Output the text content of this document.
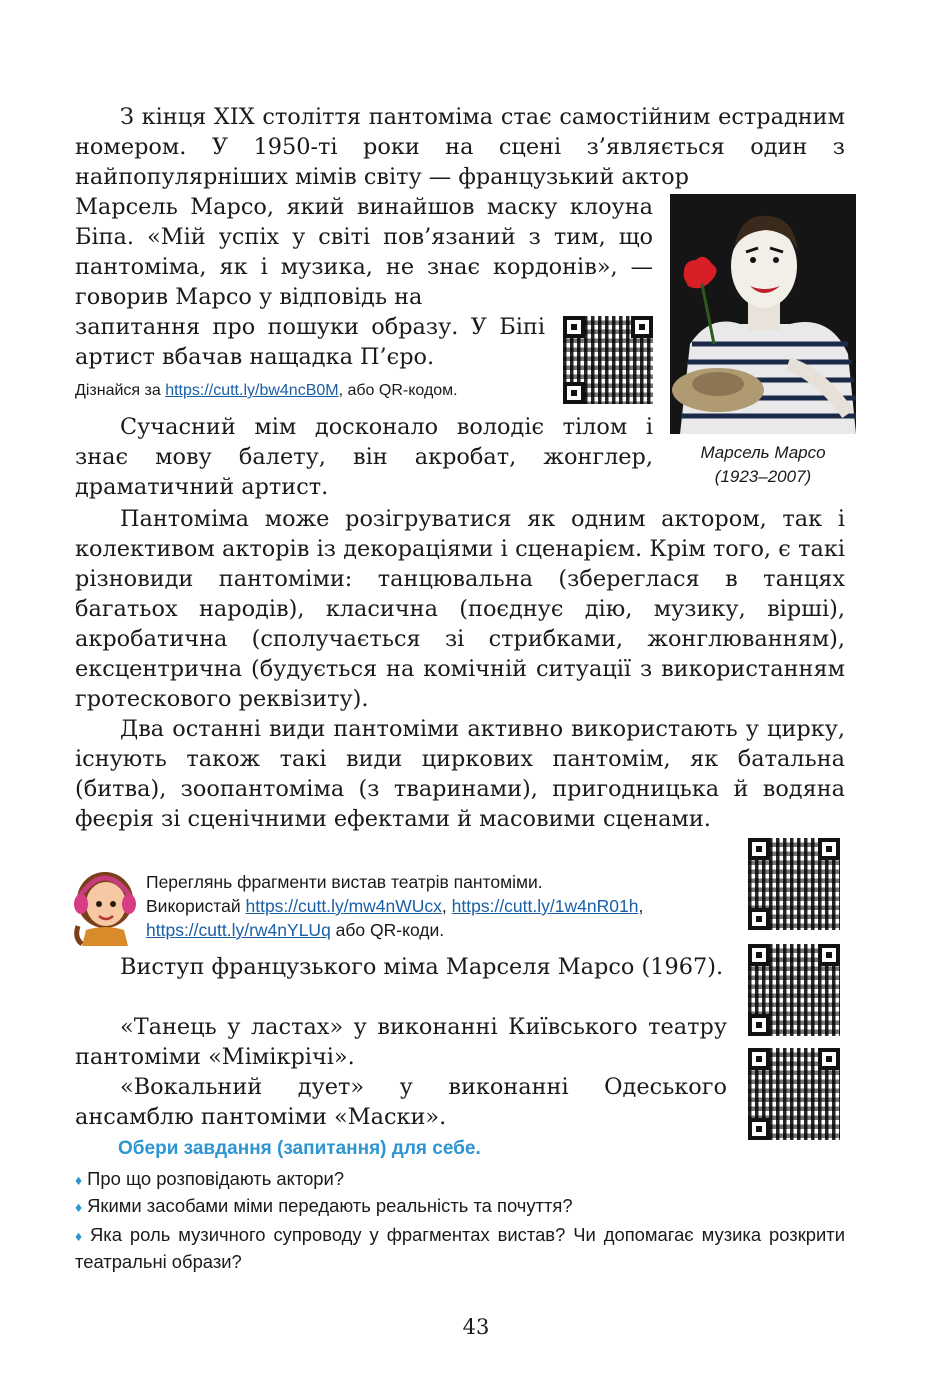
З кінця XIX століття пантоміма стає самостійним естрадним номером. У 1950-ті роки на сцені з’являється один з найпопулярніших мімів світу — французький актор

Марсель Марсо, який винайшов маску клоуна Біпа. «Мій успіх у світі пов’язаний з тим, що пантоміма, як і музика, не знає кордонів», — говорив Марсо у відповідь на

запитання про пошуки образу. У Біпі артист вбачав нащадка П’єро.

Дізнайся за https://cutt.ly/bw4ncB0M, або QR-кодом.

Сучасний мім досконало володіє тілом і знає мову балету, він акробат, жонглер, драматичний артист.

Марсель Марсо
(1923–2007)

Пантоміма може розігруватися як одним актором, так і колективом акторів із декораціями і сценарієм. Крім того, є такі різновиди пантоміми: танцювальна (збереглася в танцях багатьох народів), класична (поєднує дію, музику, вірші), акробатична (сполучається зі стрибками, жонглюванням), ексцентрична (будується на комічній ситуації з використанням гротескового реквізиту).

Два останні види пантоміми активно використають у цирку, існують також такі види циркових пантомім, як батальна (битва), зоопантоміма (з тваринами), пригодницька й водяна феєрія зі сценічними ефектами й масовими сценами.

Переглянь фрагменти вистав театрів пантоміми.
Використай https://cutt.ly/mw4nWUcx, https://cutt.ly/1w4nR01h,
https://cutt.ly/rw4nYLUq або QR-коди.

Виступ французького міма Марселя Марсо (1967).

«Танець у ластах» у виконанні Київського театру пантоміми «Мімікрічі».

«Вокальний дует» у виконанні Одеського ансамблю пантоміми «Маски».

Обери завдання (запитання) для себе.

♦ Про що розповідають актори?

♦ Якими засобами міми передають реальність та почуття?

♦ Яка роль музичного супроводу у фрагментах вистав? Чи допомагає музика розкрити театральні образи?

43
